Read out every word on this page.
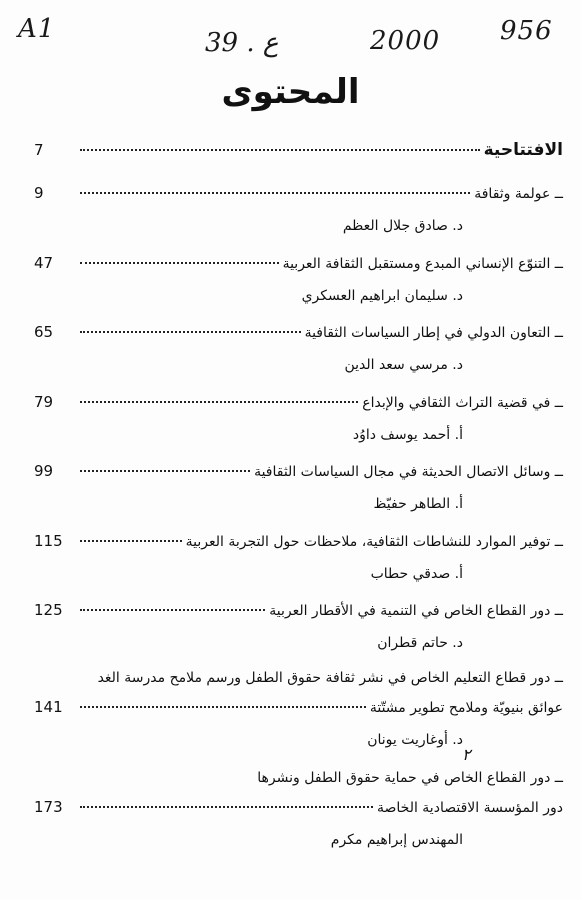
A1	39 . ع	2000 956
المحتوى
٢
الافتتاحية
7
ــ عولمة وثقافة
9
د. صادق جلال العظم
ــ التنوّع الإنساني المبدع ومستقبل الثقافة العربية
47
د. سليمان ابراهيم العسكري
ــ التعاون الدولي في إطار السياسات الثقافية
65
د. مرسي سعد الدين
ــ في قضية التراث الثقافي والإبداع
79
أ. أحمد يوسف داوُد
ــ وسائل الاتصال الحديثة في مجال السياسات الثقافية
99
أ. الطاهر حفيّظ
ــ توفير الموارد للنشاطات الثقافية، ملاحظات حول التجربة العربية
115
أ. صدقي حطاب
ــ دور القطاع الخاص في التنمية في الأقطار العربية
125
د. حاتم قطران
ــ دور قطاع التعليم الخاص في نشر ثقافة حقوق الطفل ورسم ملامح مدرسة الغد
عوائق بنيويّة وملامح تطوير مشتّتة
141
د. أوغاريت يونان
ــ دور القطاع الخاص في حماية حقوق الطفل ونشرها
دور المؤسسة الاقتصادية الخاصة
173
المهندس إبراهيم مكرم
